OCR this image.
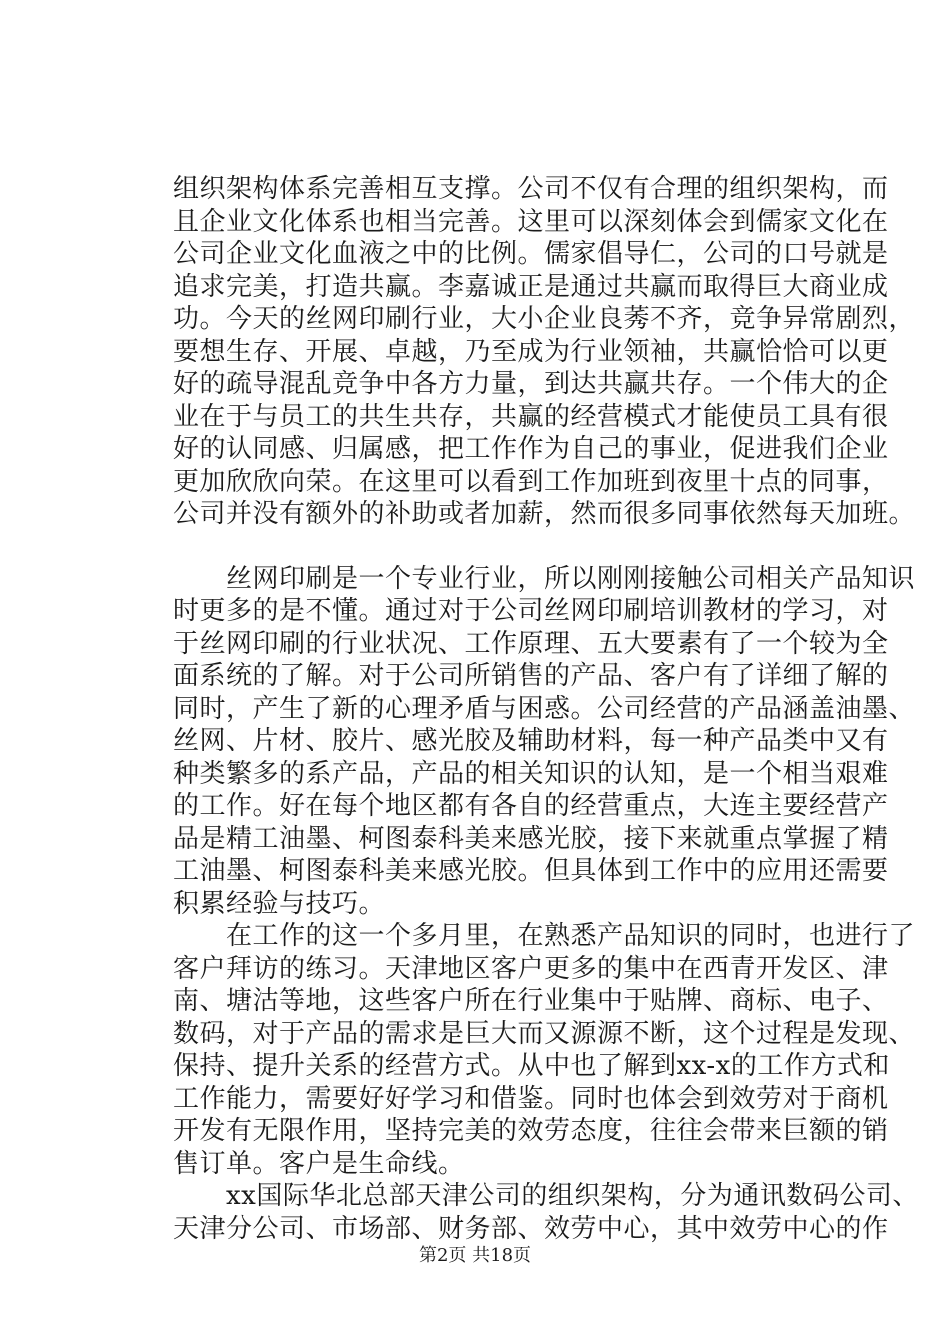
组织架构体系完善相互支撑。公司不仅有合理的组织架构，而
且企业文化体系也相当完善。这里可以深刻体会到儒家文化在
公司企业文化血液之中的比例。儒家倡导仁，公司的口号就是
追求完美，打造共赢。李嘉诚正是通过共赢而取得巨大商业成
功。今天的丝网印刷行业，大小企业良莠不齐，竞争异常剧烈，
要想生存、开展、卓越，乃至成为行业领袖，共赢恰恰可以更
好的疏导混乱竞争中各方力量，到达共赢共存。一个伟大的企
业在于与员工的共生共存，共赢的经营模式才能使员工具有很
好的认同感、归属感，把工作作为自己的事业，促进我们企业
更加欣欣向荣。在这里可以看到工作加班到夜里十点的同事，
公司并没有额外的补助或者加薪，然而很多同事依然每天加班。
　　丝网印刷是一个专业行业，所以刚刚接触公司相关产品知识
时更多的是不懂。通过对于公司丝网印刷培训教材的学习，对
于丝网印刷的行业状况、工作原理、五大要素有了一个较为全
面系统的了解。对于公司所销售的产品、客户有了详细了解的
同时，产生了新的心理矛盾与困惑。公司经营的产品涵盖油墨、
丝网、片材、胶片、感光胶及辅助材料，每一种产品类中又有
种类繁多的系产品，产品的相关知识的认知，是一个相当艰难
的工作。好在每个地区都有各自的经营重点，大连主要经营产
品是精工油墨、柯图泰科美来感光胶，接下来就重点掌握了精
工油墨、柯图泰科美来感光胶。但具体到工作中的应用还需要
积累经验与技巧。
　　在工作的这一个多月里，在熟悉产品知识的同时，也进行了
客户拜访的练习。天津地区客户更多的集中在西青开发区、津
南、塘沽等地，这些客户所在行业集中于贴牌、商标、电子、
数码，对于产品的需求是巨大而又源源不断，这个过程是发现、
保持、提升关系的经营方式。从中也了解到xx-x的工作方式和
工作能力，需要好好学习和借鉴。同时也体会到效劳对于商机
开发有无限作用，坚持完美的效劳态度，往往会带来巨额的销
售订单。客户是生命线。
　　xx国际华北总部天津公司的组织架构，分为通讯数码公司、
天津分公司、市场部、财务部、效劳中心，其中效劳中心的作
第2页 共18页
